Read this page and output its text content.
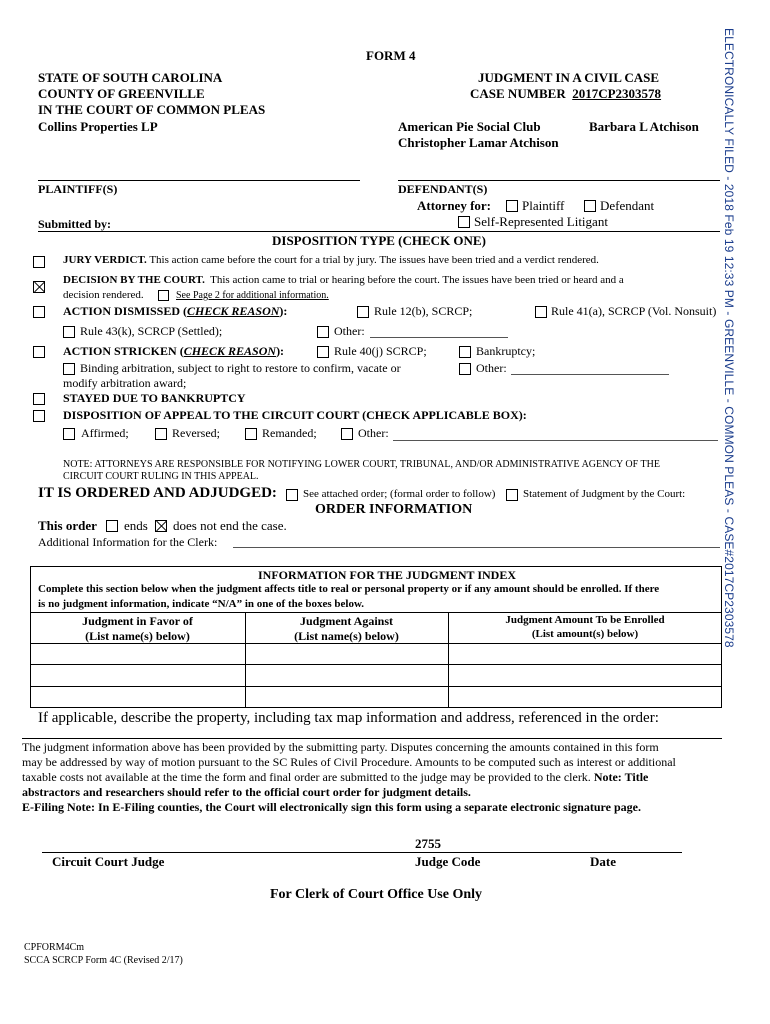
ELECTRONICALLY FILED - 2018 Feb 19 12:33 PM - GREENVILLE - COMMON PLEAS - CASE#2017CP2303578
FORM 4
STATE OF SOUTH CAROLINA
COUNTY OF GREENVILLE
IN THE COURT OF COMMON PLEAS
Collins Properties LP
JUDGMENT IN A CIVIL CASE
CASE NUMBER 2017CP2303578
American Pie Social Club
Christopher Lamar Atchison
Barbara L Atchison
PLAINTIFF(S)	DEFENDANT(S)
Attorney for: Plaintiff	Defendant
Self-Represented Litigant
Submitted by:
DISPOSITION TYPE (CHECK ONE)
JURY VERDICT. This action came before the court for a trial by jury. The issues have been tried and a verdict rendered.
DECISION BY THE COURT. This action came to trial or hearing before the court. The issues have been tried or heard and a
decision rendered.	See Page 2 for additional information.
ACTION DISMISSED (CHECK REASON):	Rule 12(b), SCRCP;	Rule 41(a), SCRCP (Vol. Nonsuit)
Rule 43(k), SCRCP (Settled);	Other:
ACTION STRICKEN (CHECK REASON):	Rule 40(j) SCRCP;	Bankruptcy;
Binding arbitration, subject to right to restore to confirm, vacate or
modify arbitration award;
Other:
STAYED DUE TO BANKRUPTCY
DISPOSITION OF APPEAL TO THE CIRCUIT COURT (CHECK APPLICABLE BOX):
Affirmed;	Reversed;	Remanded;	Other:
NOTE: ATTORNEYS ARE RESPONSIBLE FOR NOTIFYING LOWER COURT, TRIBUNAL, AND/OR ADMINISTRATIVE AGENCY OF THE
CIRCUIT COURT RULING IN THIS APPEAL.
IT IS ORDERED AND ADJUDGED: See attached order; (formal order to follow)	Statement of Judgment by the Court:
ORDER INFORMATION
This order ends does not end the case.
Additional Information for the Clerk:
INFORMATION FOR THE JUDGMENT INDEX
Complete this section below when the judgment affects title to real or personal property or if any amount should be enrolled. If there
is no judgment information, indicate “N/A” in one of the boxes below.
Judgment in Favor of
(List name(s) below)
Judgment Against
(List name(s) below)
Judgment Amount To be Enrolled
(List amount(s) below)
If applicable, describe the property, including tax map information and address, referenced in the order:
The judgment information above has been provided by the submitting party. Disputes concerning the amounts contained in this form
may be addressed by way of motion pursuant to the SC Rules of Civil Procedure. Amounts to be computed such as interest or additional
taxable costs not available at the time the form and final order are submitted to the judge may be provided to the clerk. Note: Title
abstractors and researchers should refer to the official court order for judgment details.
E-Filing Note: In E-Filing counties, the Court will electronically sign this form using a separate electronic signature page.
2755
Circuit Court Judge	Judge Code	Date
For Clerk of Court Office Use Only
CPFORM4Cm
SCCA SCRCP Form 4C (Revised 2/17)
